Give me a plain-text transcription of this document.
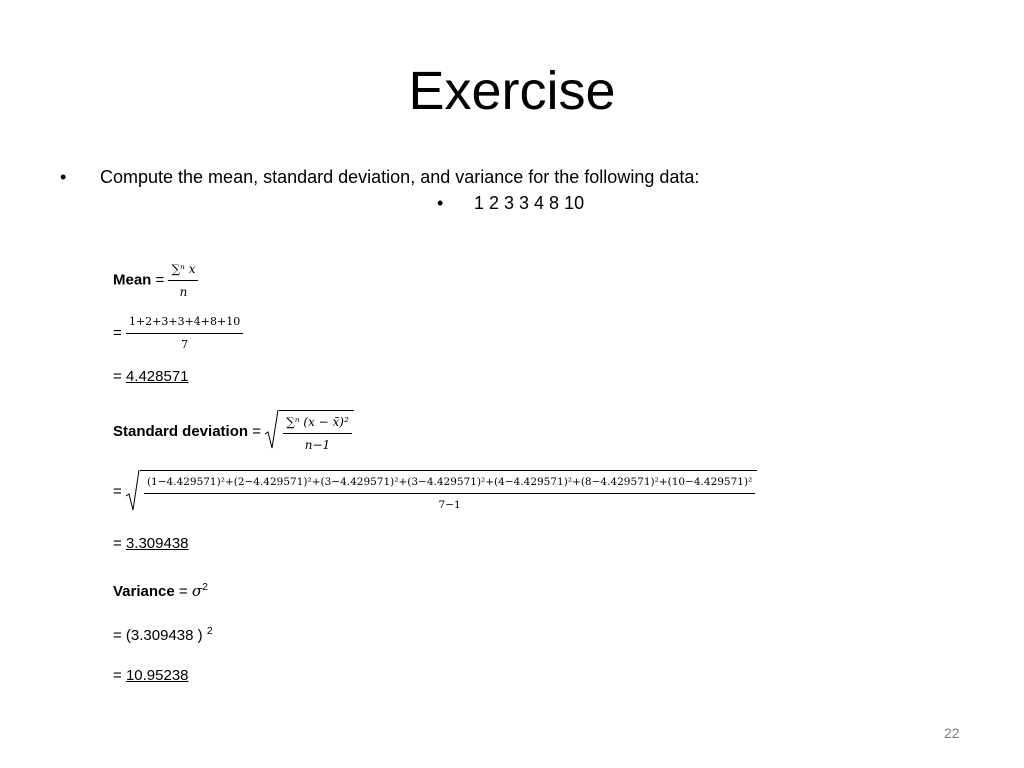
Exercise
• Compute the mean, standard deviation, and variance for the following data:
• 1 2 3 3 4 8 10
Mean = $\frac{\text{∑ⁿ x}}{n}$
= $\frac{1+2+3+3+4+8+10}{7}$
= 4.428571
Standard deviation = $\frac{\text{∑ⁿ (x − x̄)²}}{n-1}$
=
(1−4.429571)²+(2−4.429571)²+(3−4.429571)²+(3−4.429571)²+(4−4.429571)²+(8−4.429571)²+(10−4.429571)²
7−1
= 3.309438
Variance = $\sigma^2$
= (3.309438 ) $^2$
= 10.95238
22
